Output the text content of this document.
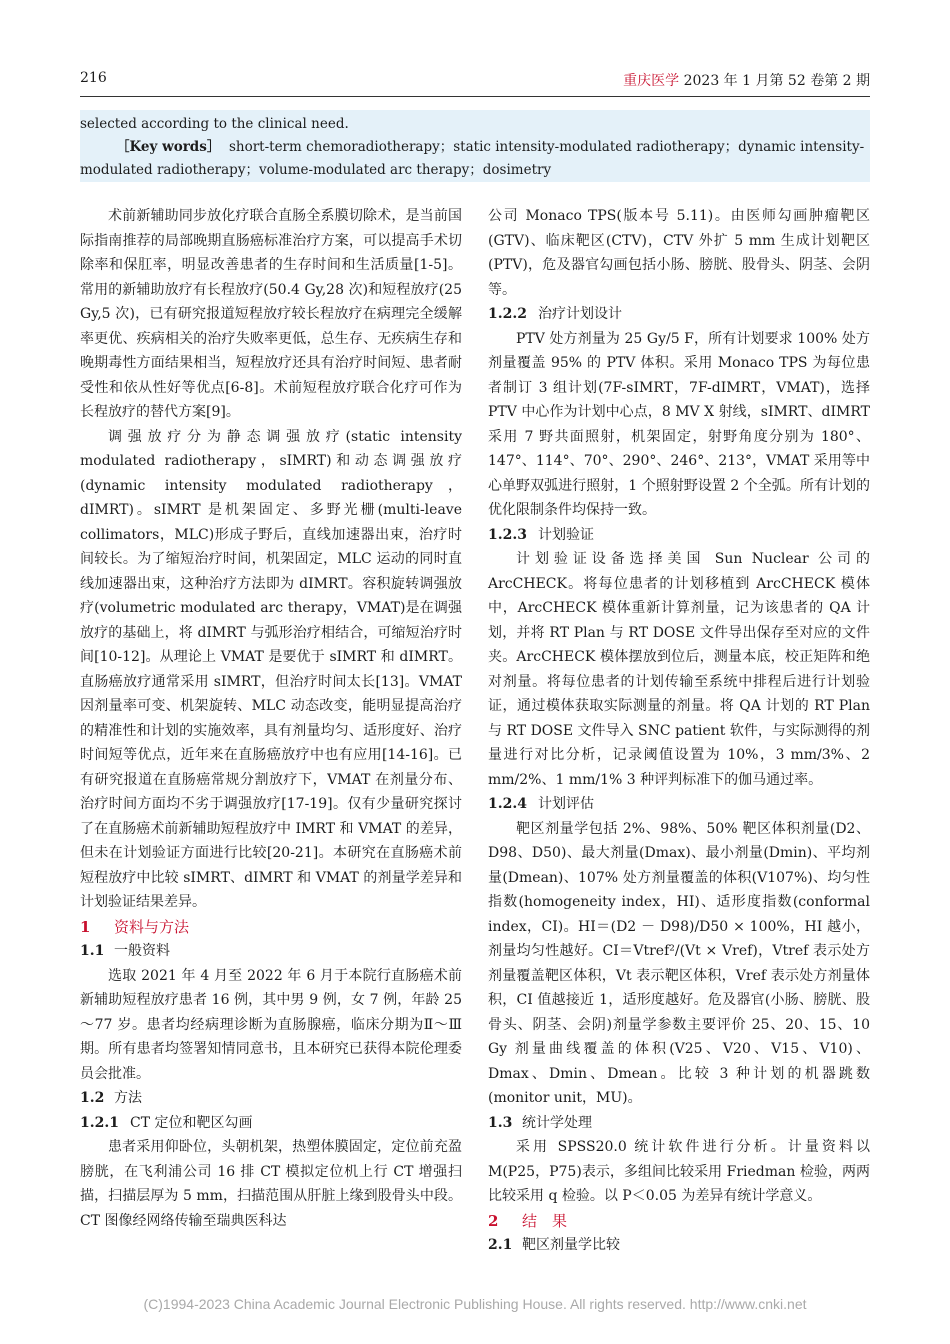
216	重庆医学 2023 年 1 月第 52 卷第 2 期
selected according to the clinical need.
［Key words］ short-term chemoradiotherapy；static intensity-modulated radiotherapy；dynamic intensity-
modulated radiotherapy；volume-modulated arc therapy；dosimetry

术前新辅助同步放化疗联合直肠全系膜切除术，是当前国际指南推荐的局部晚期直肠癌标准治疗方案，可以提高手术切除率和保肛率，明显改善患者的生存时间和生活质量[1-5]。常用的新辅助放疗有长程放疗(50.4 Gy,28 次)和短程放疗(25 Gy,5 次)，已有研究报道短程放疗较长程放疗在病理完全缓解率更优、疾病相关的治疗失败率更低，总生存、无疾病生存和晚期毒性方面结果相当，短程放疗还具有治疗时间短、患者耐受性和依从性好等优点[6-8]。术前短程放疗联合化疗可作为长程放疗的替代方案[9]。

调强放疗分为静态调强放疗(static intensity modulated radiotherapy，sIMRT)和动态调强放疗(dynamic intensity modulated radiotherapy，dIMRT)。sIMRT 是机架固定、多野光栅(multi-leave collimators，MLC)形成子野后，直线加速器出束，治疗时间较长。为了缩短治疗时间，机架固定，MLC 运动的同时直线加速器出束，这种治疗方法即为 dIMRT。容积旋转调强放疗(volumetric modulated arc therapy，VMAT)是在调强放疗的基础上，将 dIMRT 与弧形治疗相结合，可缩短治疗时间[10-12]。从理论上 VMAT 是要优于 sIMRT 和 dIMRT。直肠癌放疗通常采用 sIMRT，但治疗时间太长[13]。VMAT 因剂量率可变、机架旋转、MLC 动态改变，能明显提高治疗的精准性和计划的实施效率，具有剂量均匀、适形度好、治疗时间短等优点，近年来在直肠癌放疗中也有应用[14-16]。已有研究报道在直肠癌常规分割放疗下，VMAT 在剂量分布、治疗时间方面均不劣于调强放疗[17-19]。仅有少量研究探讨了在直肠癌术前新辅助短程放疗中 IMRT 和 VMAT 的差异，但未在计划验证方面进行比较[20-21]。本研究在直肠癌术前短程放疗中比较 sIMRT、dIMRT 和 VMAT 的剂量学差异和计划验证结果差异。

1 资料与方法
1.1 一般资料

选取 2021 年 4 月至 2022 年 6 月于本院行直肠癌术前新辅助短程放疗患者 16 例，其中男 9 例，女 7 例，年龄 25～77 岁。患者均经病理诊断为直肠腺癌，临床分期为Ⅱ～Ⅲ期。所有患者均签署知情同意书，且本研究已获得本院伦理委员会批准。

1.2 方法
1.2.1 CT 定位和靶区勾画

患者采用仰卧位，头朝机架，热塑体膜固定，定位前充盈膀胱，在飞利浦公司 16 排 CT 模拟定位机上行 CT 增强扫描，扫描层厚为 5 mm，扫描范围从肝脏上缘到股骨头中段。CT 图像经网络传输至瑞典医科达

公司 Monaco TPS(版本号 5.11)。由医师勾画肿瘤靶区(GTV)、临床靶区(CTV)，CTV 外扩 5 mm 生成计划靶区(PTV)，危及器官勾画包括小肠、膀胱、股骨头、阴茎、会阴等。

1.2.2 治疗计划设计

PTV 处方剂量为 25 Gy/5 F，所有计划要求 100% 处方剂量覆盖 95% 的 PTV 体积。采用 Monaco TPS 为每位患者制订 3 组计划(7F-sIMRT，7F-dIMRT，VMAT)，选择 PTV 中心作为计划中心点，8 MV X 射线，sIMRT、dIMRT 采用 7 野共面照射，机架固定，射野角度分别为 180°、147°、114°、70°、290°、246°、213°，VMAT 采用等中心单野双弧进行照射，1 个照射野设置 2 个全弧。所有计划的优化限制条件均保持一致。

1.2.3 计划验证

计划验证设备选择美国 Sun Nuclear 公司的 ArcCHECK。将每位患者的计划移植到 ArcCHECK 模体中，ArcCHECK 模体重新计算剂量，记为该患者的 QA 计划，并将 RT Plan 与 RT DOSE 文件导出保存至对应的文件夹。ArcCHECK 模体摆放到位后，测量本底，校正矩阵和绝对剂量。将每位患者的计划传输至系统中排程后进行计划验证，通过模体获取实际测量的剂量。将 QA 计划的 RT Plan 与 RT DOSE 文件导入 SNC patient 软件，与实际测得的剂量进行对比分析，记录阈值设置为 10%，3 mm/3%、2 mm/2%、1 mm/1% 3 种评判标准下的伽马通过率。

1.2.4 计划评估

靶区剂量学包括 2%、98%、50% 靶区体积剂量(D2、D98、D50)、最大剂量(Dmax)、最小剂量(Dmin)、平均剂量(Dmean)、107% 处方剂量覆盖的体积(V107%)、均匀性指数(homogeneity index，HI)、适形度指数(conformal index，CI)。HI＝(D2 － D98)/D50 × 100%，HI 越小，剂量均匀性越好。CI＝Vtref²/(Vt × Vref)，Vtref 表示处方剂量覆盖靶区体积，Vt 表示靶区体积，Vref 表示处方剂量体积，CI 值越接近 1，适形度越好。危及器官(小肠、膀胱、股骨头、阴茎、会阴)剂量学参数主要评价 25、20、15、10 Gy 剂量曲线覆盖的体积(V25、V20、V15、V10)、Dmax、Dmin、Dmean。比较 3 种计划的机器跳数(monitor unit，MU)。

1.3 统计学处理

采用 SPSS20.0 统计软件进行分析。计量资料以 M(P25，P75)表示，多组间比较采用 Friedman 检验，两两比较采用 q 检验。以 P＜0.05 为差异有统计学意义。

2 结　果
2.1 靶区剂量学比较
(C)1994-2023 China Academic Journal Electronic Publishing House. All rights reserved. http://www.cnki.net
